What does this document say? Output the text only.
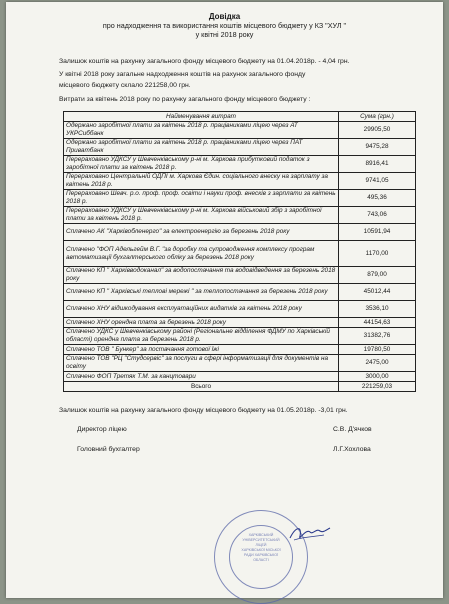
Довідка
про надходження та використання коштів місцевого бюджету у КЗ "ХУЛ "
у квітні 2018 року
Залишок коштів на рахунку загального фонду місцевого бюджету на 01.04.2018р. - 4,04 грн.
У квітні 2018 року загальне надходження коштів на рахунок загального фонду
місцевого бюджету склало 221258,00 грн.
Витрати за квітень 2018 року по рахунку загального фонду місцевого бюджету :
Найменування витрат	Сума (грн.)
Одержано заробітної плати за квітень 2018 р. працівниками ліцею через АТ УКРСиббанк	29905,50
Одержано заробітної плати за квітень 2018 р. працівниками ліцею через ПАТ Приватбанк	9475,28
Перераховано УДКСУ у Шевченківському р-ні м. Харкова прибутковий податок з заробітної плати за квітень 2018 р.	8916,41
Перераховано Центральній ОДПІ м. Харкова Єдин. соціального внеску на зарплату за квітень 2018 р.	9741,05
Перераховано Шевч. р.о. проф. проф. освіти і науки проф. внесків з зарплати за квітень 2018 р.	495,36
Перераховано УДКСУ у Шевченківському р-ні м. Харкова військовий збір з заробітної плати за квітень 2018 р.	743,06
Сплачено АК "Харківобленерго" за електроенергію за березень 2018 року	10591,94
Сплачено "ФОП Адельгейм В.Г. "за доробку та супроводження комплексу програм автоматизації бухгалтерського обліку за березень 2018 року	1170,00
Сплачено КП " Харківводоканал" за водопостачання та водовідведення за березень 2018 року	879,00
Сплачено КП " Харківські теплові мережі " за теплопостачання за березень 2018 року	45012,44
Сплачено ХНУ відшкодування експлуатаційних видатків за квітень 2018 року	3536,10
Сплачено ХНУ орендна плата за березень 2018 року	44154,63
Сплачено УДКС у Шевченківському районі (Регіональне відділення ФДМУ по Харківській області) орендна плата за березень 2018 р.	31382,76
Сплачено ТОВ " Бункер" за постачання готової їжі	19780,50
Сплачено ТОВ "РЦ "Студсервіс" за послуги в сфері інформатизації для документів на освіту	2475,00
Сплачено ФОП Третяк Т.М. за канцтовари	3000,00
Всього	221259,03
Залишок коштів на рахунку загального фонду місцевого бюджету на 01.05.2018р. -3,01 грн.
Директор ліцею	С.В. Д'ячков
Головний бухгалтер	Л.Г.Хохлова
ХАРКІВСЬКИЙ
УНІВЕРСИТЕТСЬКИЙ
ЛІЦЕЙ
ХАРКІВСЬКОЇ МІСЬКОЇ
РАДИ ХАРКІВСЬКОЇ
ОБЛАСТІ
